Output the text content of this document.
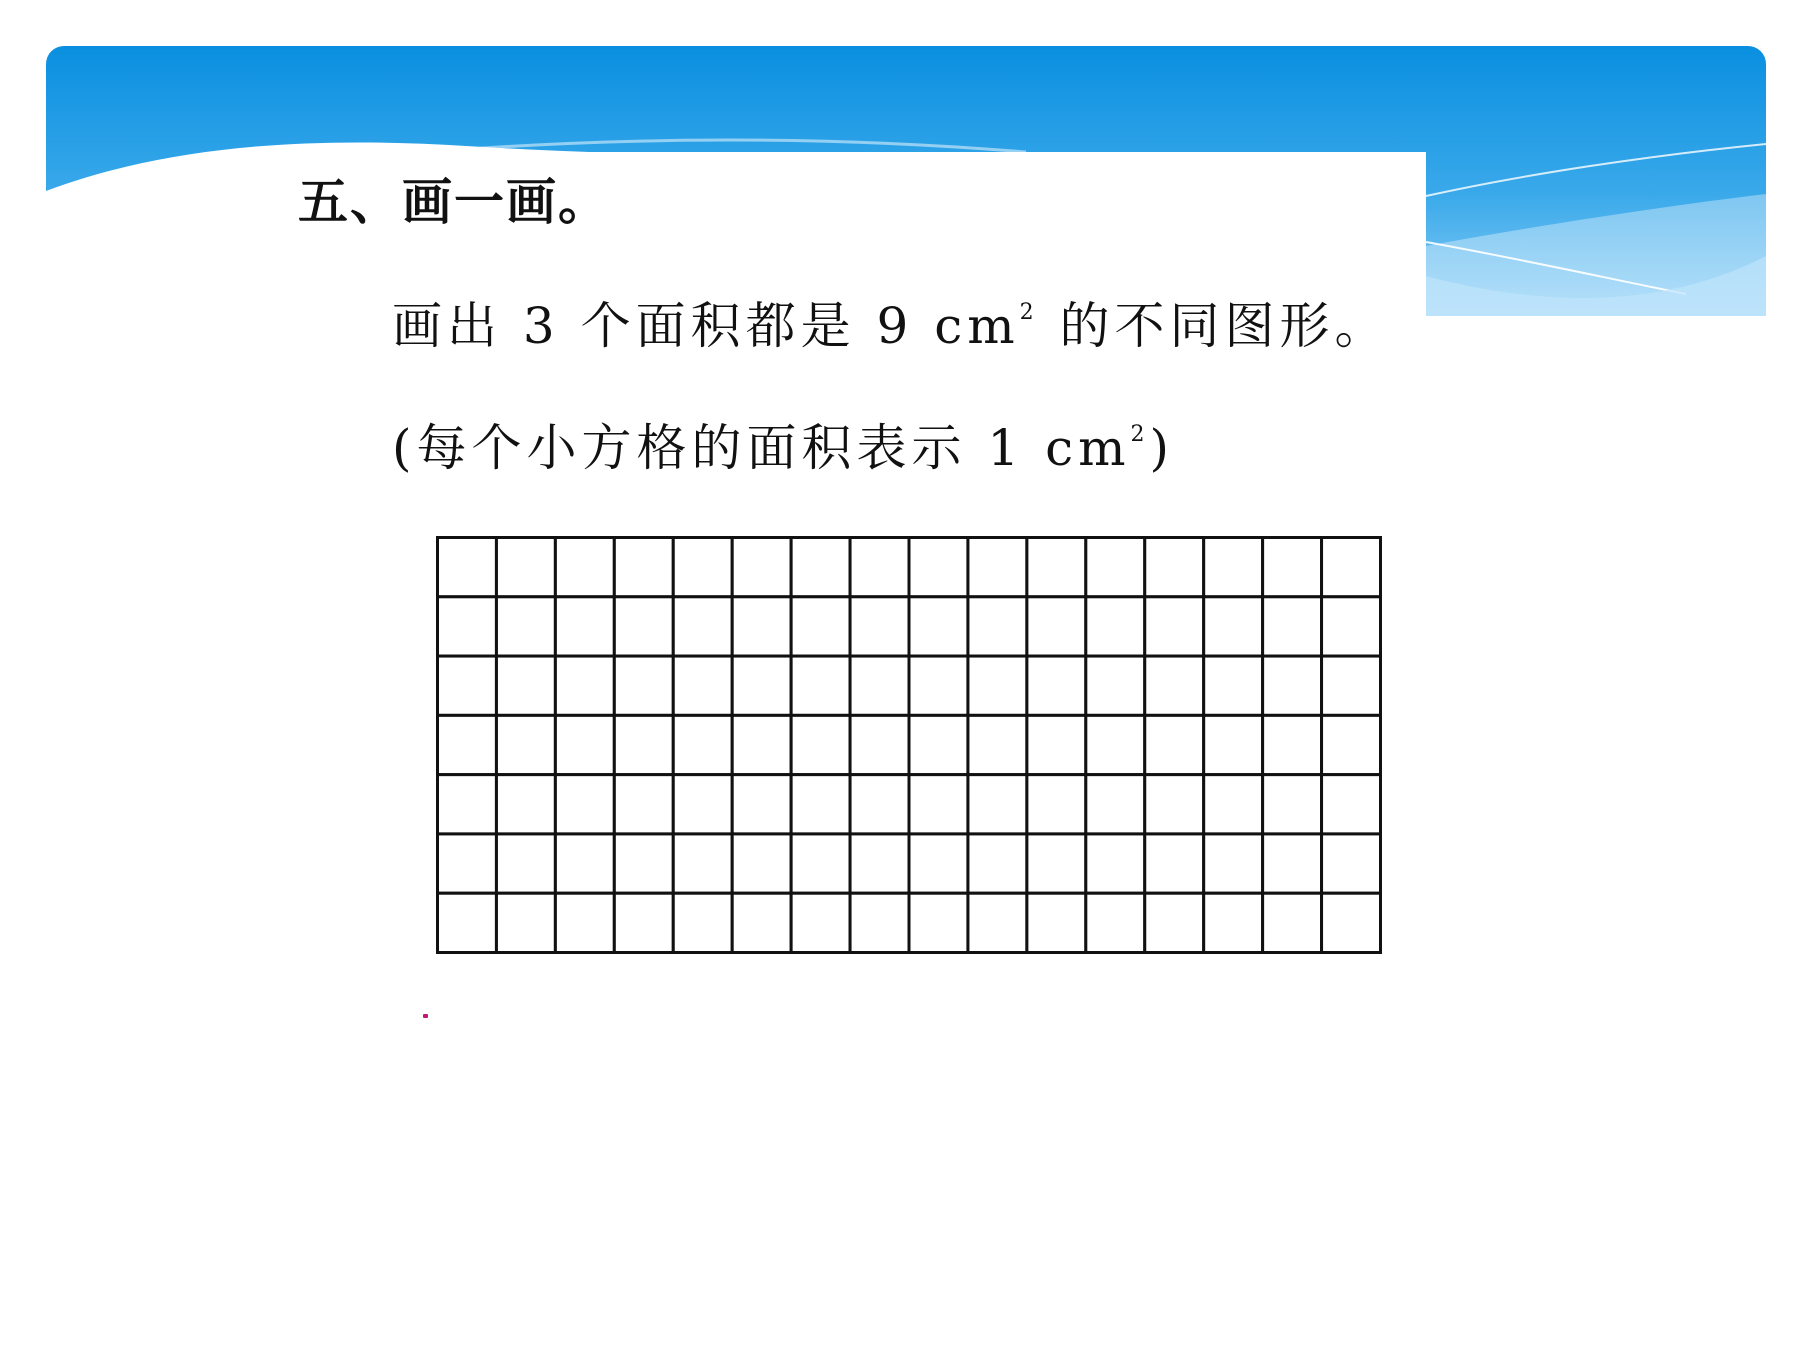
五、画一画。

画出 3 个面积都是 9 $cm^2$ 的不同图形。

(每个小方格的面积表示 1 $cm^2$)
